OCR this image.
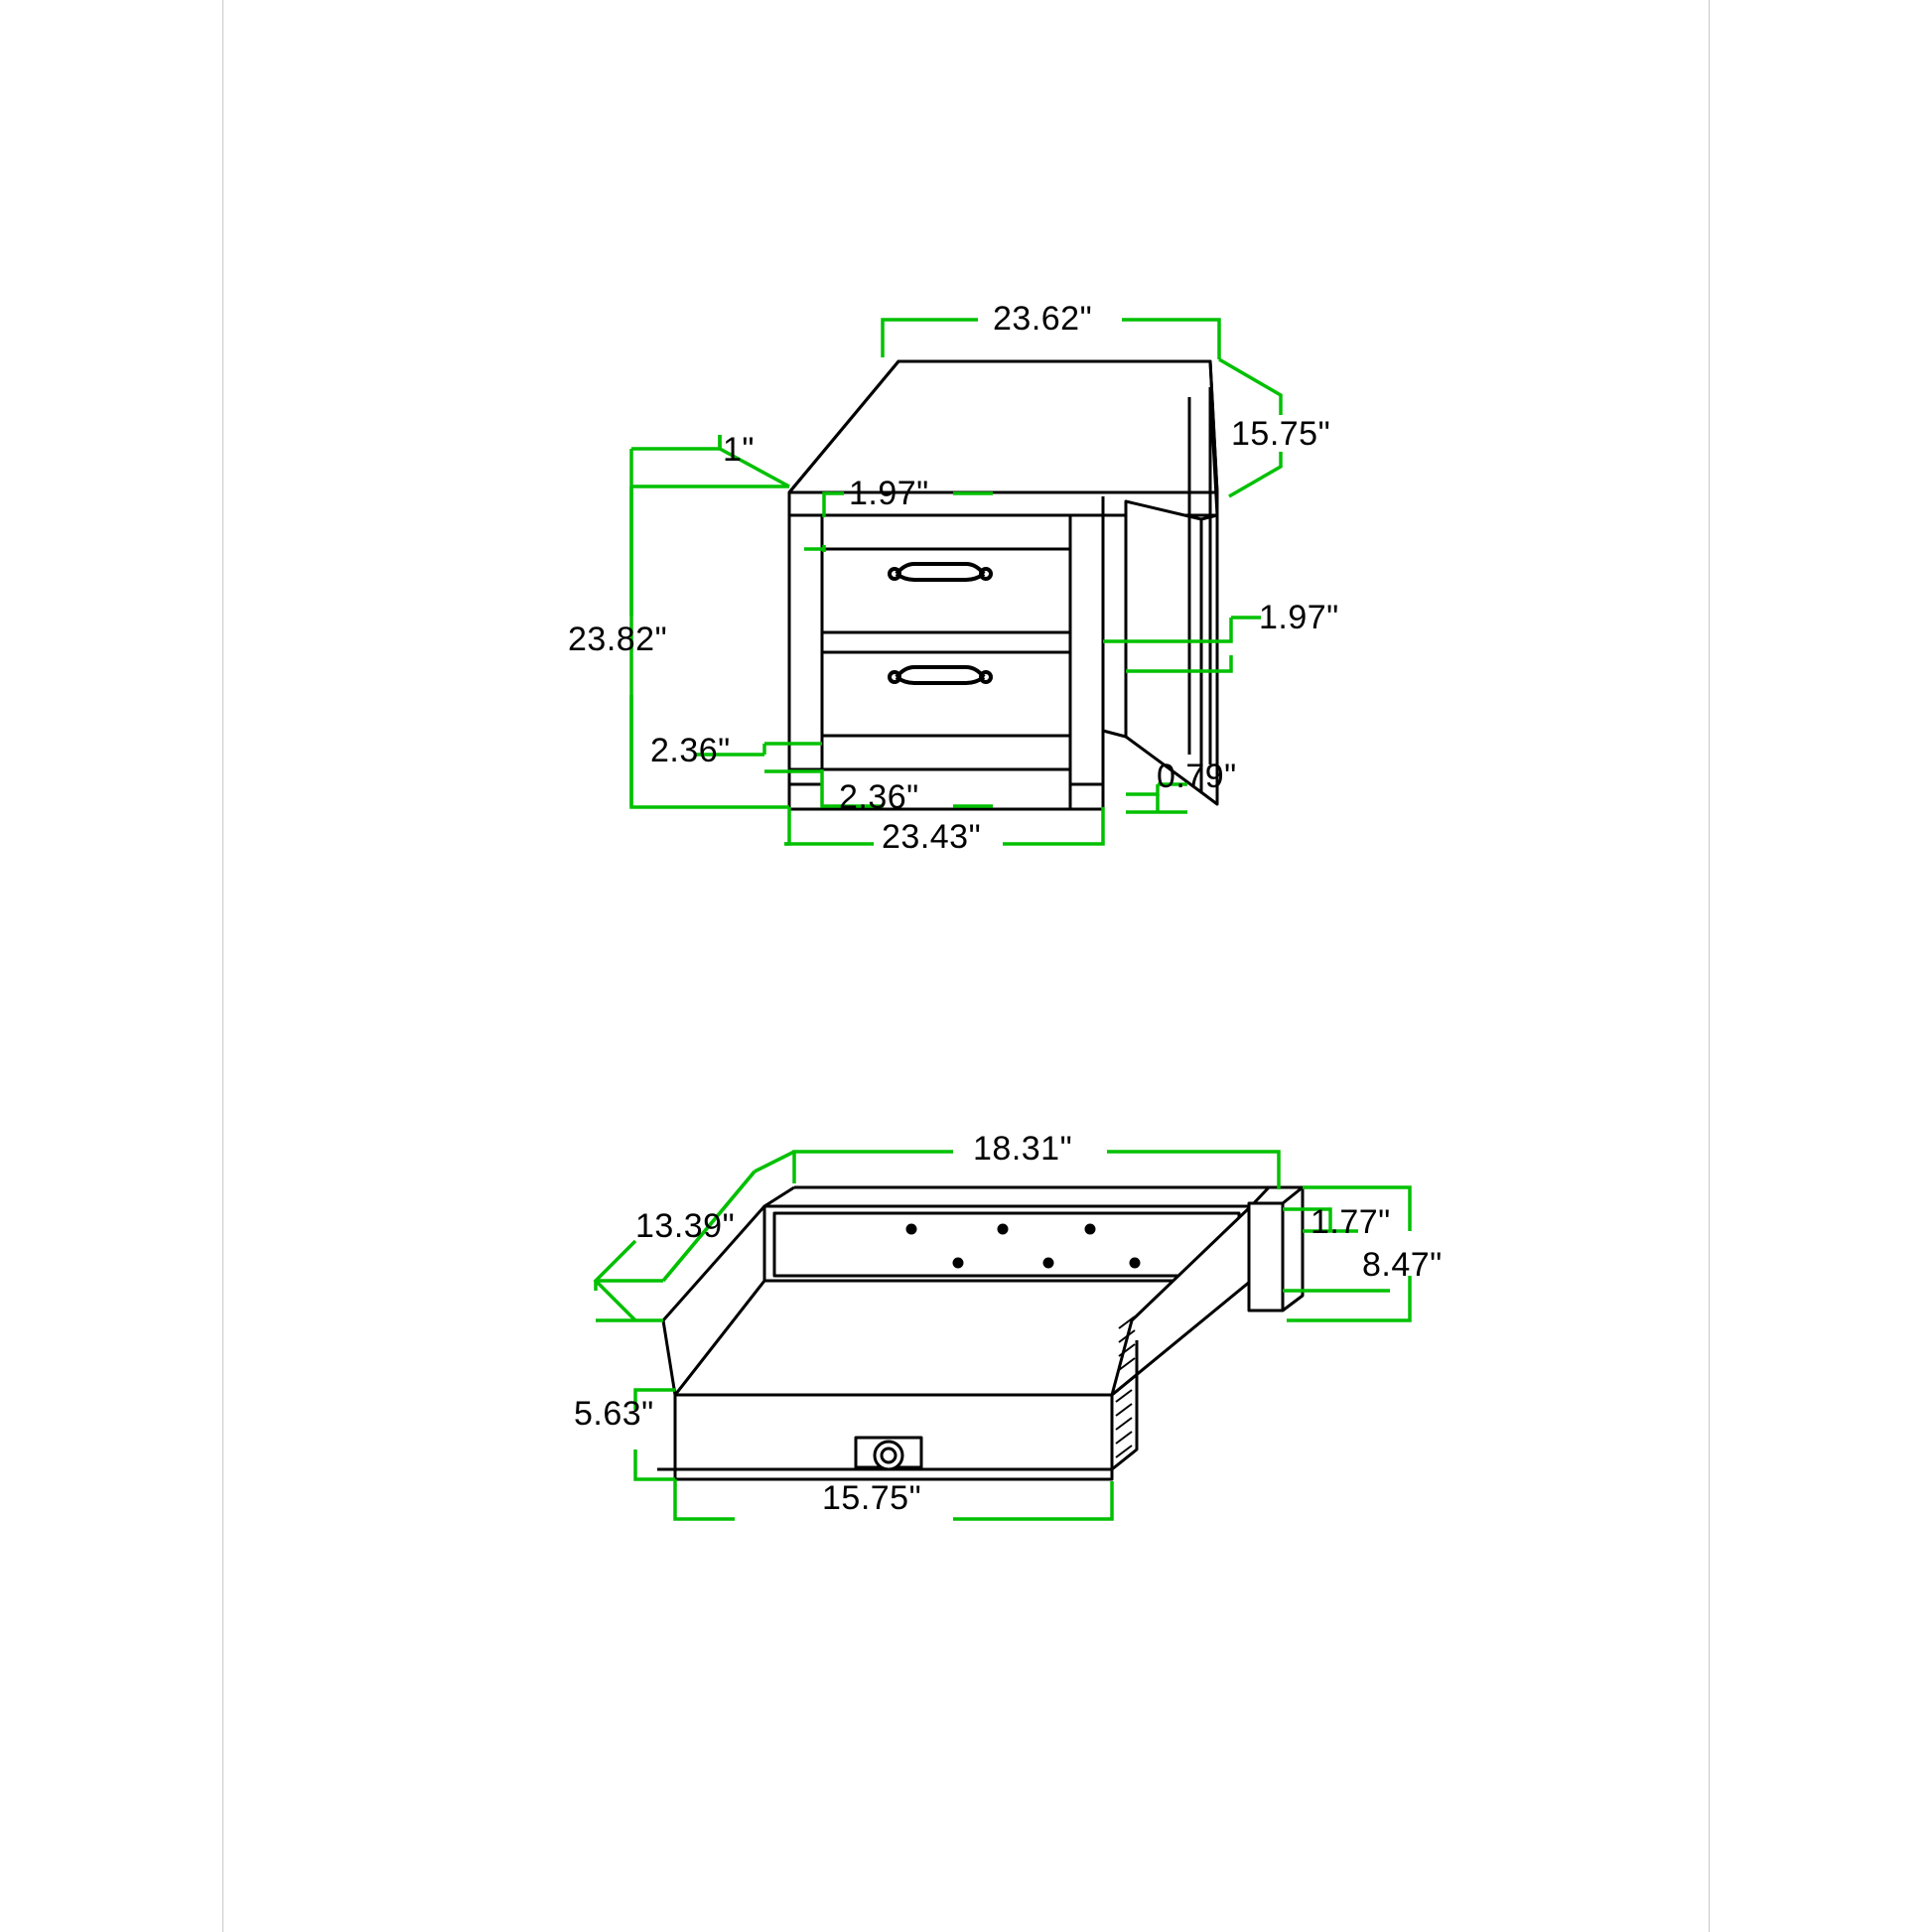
23.62"
15.75"
1"
1.97"
23.82"
1.97"
2.36"
2.36"
0.79"
23.43"
18.31"
13.39"	1.77"
8.47"
5.63"
15.75"
